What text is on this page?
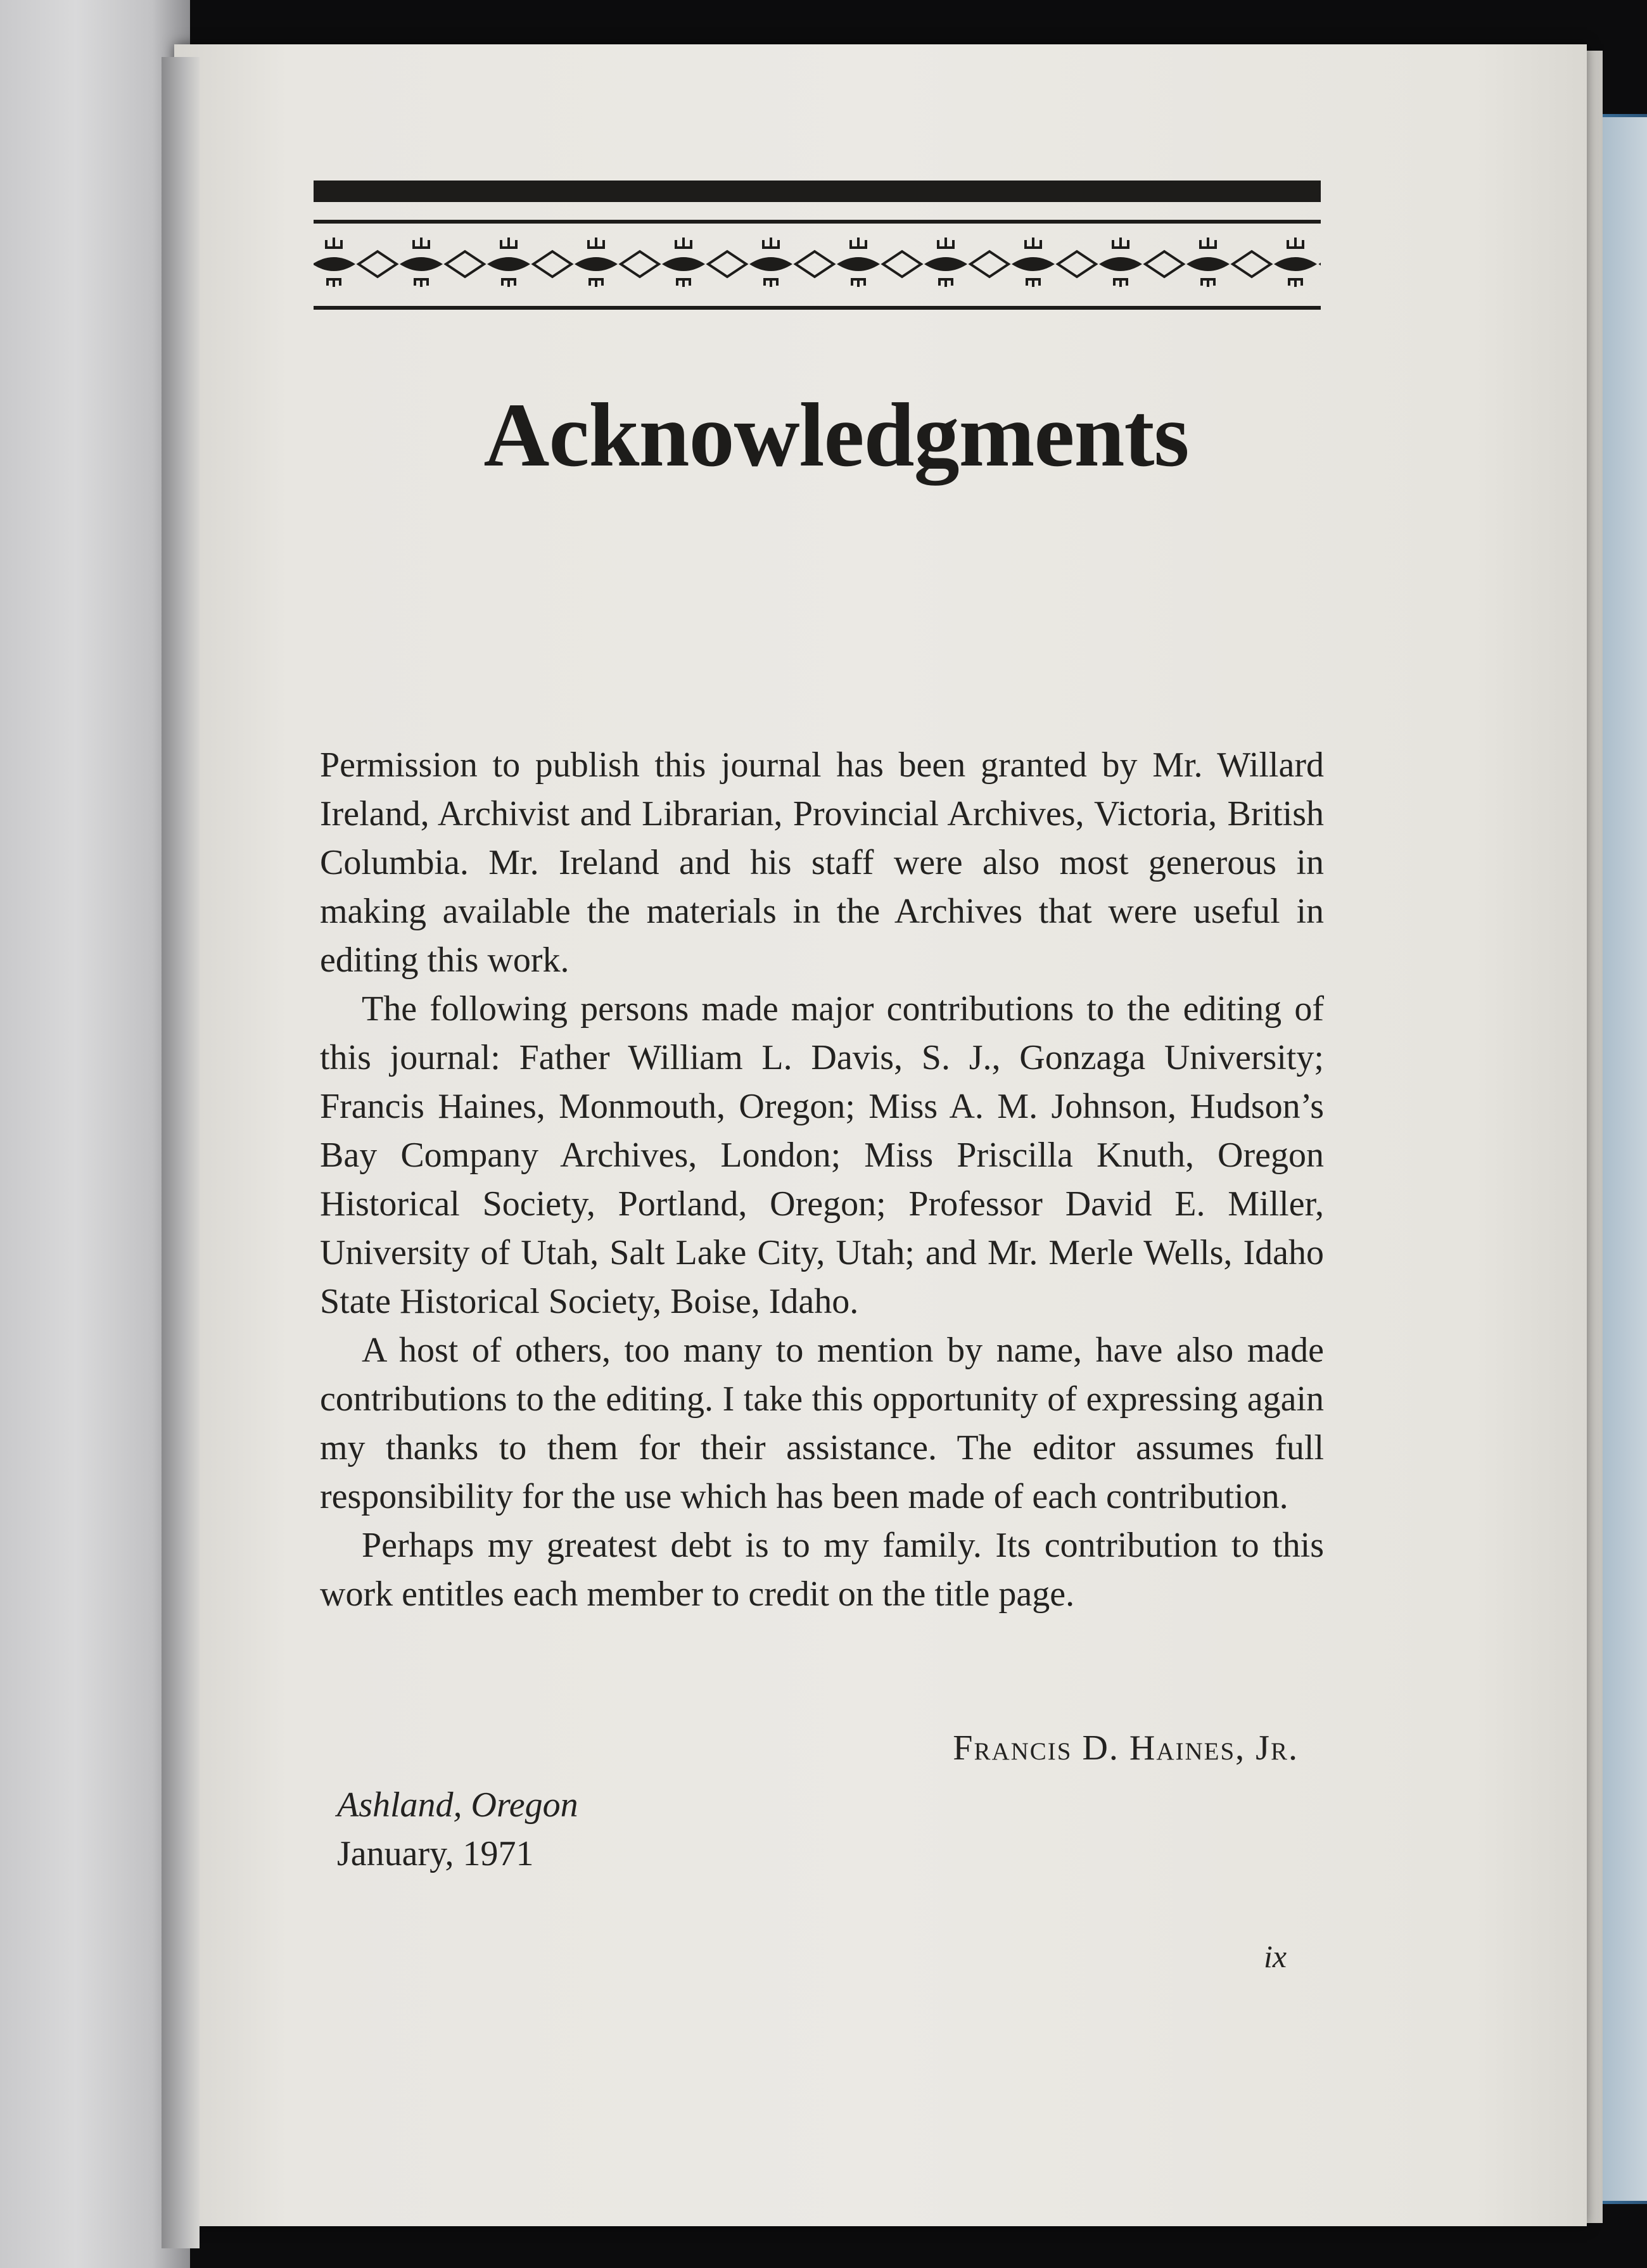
Acknowledgments

Permission to publish this journal has been granted by Mr. Willard Ireland, Archivist and Librarian, Provincial Archives, Victoria, British Columbia. Mr. Ireland and his staff were also most generous in making available the materials in the Archives that were useful in editing this work.

The following persons made major contributions to the editing of this journal: Father William L. Davis, S. J., Gonzaga University; Francis Haines, Monmouth, Oregon; Miss A. M. Johnson, Hudson’s Bay Company Archives, London; Miss Priscilla Knuth, Oregon Historical Society, Portland, Oregon; Professor David E. Miller, University of Utah, Salt Lake City, Utah; and Mr. Merle Wells, Idaho State Historical Society, Boise, Idaho.

A host of others, too many to mention by name, have also made contributions to the editing. I take this opportunity of expressing again my thanks to them for their assistance. The editor assumes full responsibility for the use which has been made of each contribution.

Perhaps my greatest debt is to my family. Its contribution to this work entitles each member to credit on the title page.

Francis D. Haines, Jr.
Ashland, Oregon
January, 1971
ix
